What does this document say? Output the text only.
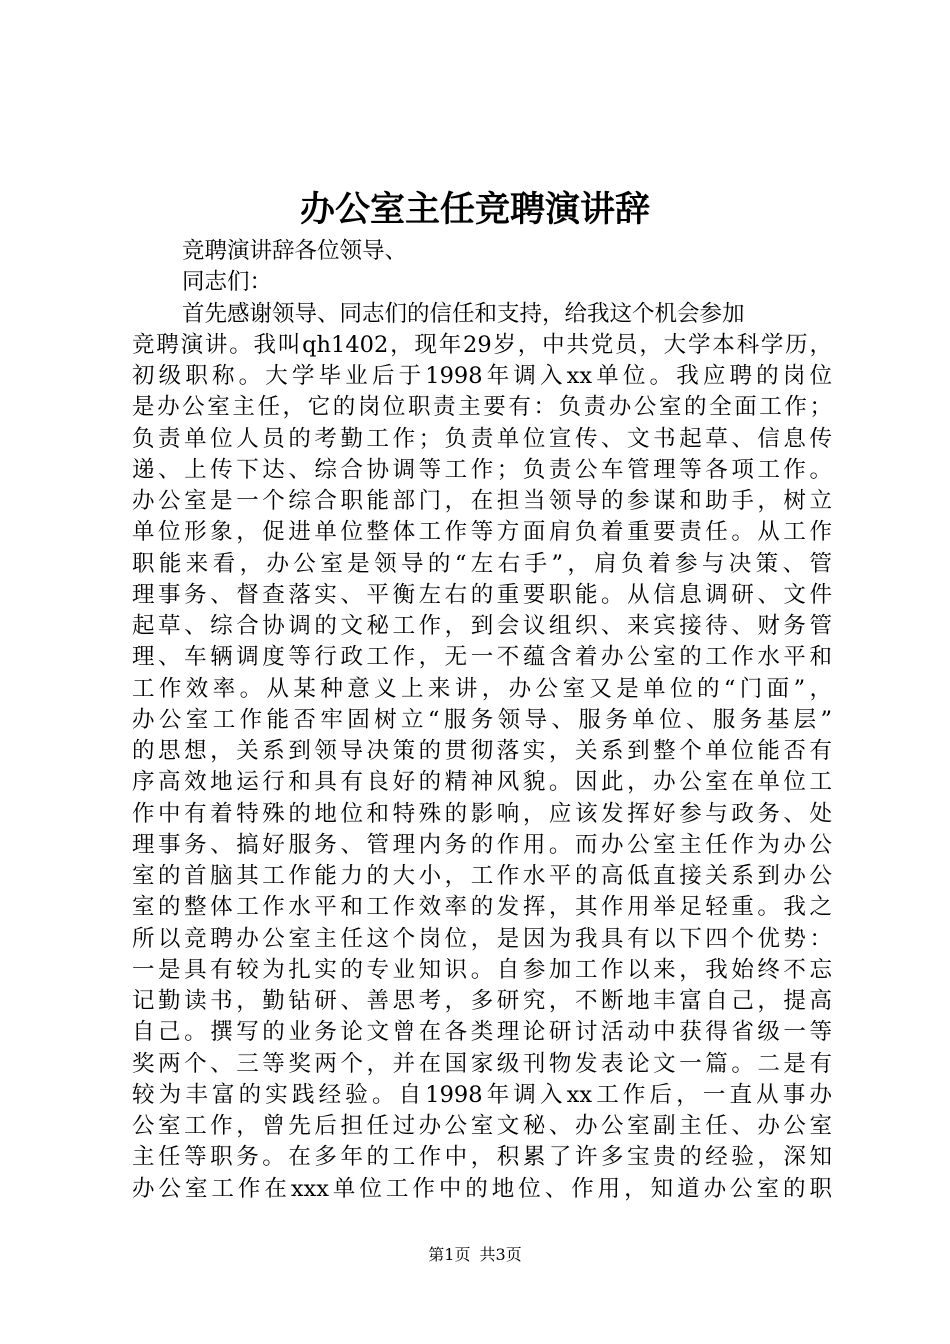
办公室主任竞聘演讲辞
竞聘演讲辞各位领导、
同志们：
首先感谢领导、同志们的信任和支持，给我这个机会参加
竞聘演讲。我叫qh1402，现年29岁，中共党员，大学本科学历，
初级职称。大学毕业后于1998年调入xx单位。我应聘的岗位
是办公室主任，它的岗位职责主要有：负责办公室的全面工作；
负责单位人员的考勤工作；负责单位宣传、文书起草、信息传
递、上传下达、综合协调等工作；负责公车管理等各项工作。
办公室是一个综合职能部门，在担当领导的参谋和助手，树立
单位形象，促进单位整体工作等方面肩负着重要责任。从工作
职能来看，办公室是领导的“左右手”，肩负着参与决策、管
理事务、督查落实、平衡左右的重要职能。从信息调研、文件
起草、综合协调的文秘工作，到会议组织、来宾接待、财务管
理、车辆调度等行政工作，无一不蕴含着办公室的工作水平和
工作效率。从某种意义上来讲，办公室又是单位的“门面”，
办公室工作能否牢固树立“服务领导、服务单位、服务基层”
的思想，关系到领导决策的贯彻落实，关系到整个单位能否有
序高效地运行和具有良好的精神风貌。因此，办公室在单位工
作中有着特殊的地位和特殊的影响，应该发挥好参与政务、处
理事务、搞好服务、管理内务的作用。而办公室主任作为办公
室的首脑其工作能力的大小，工作水平的高低直接关系到办公
室的整体工作水平和工作效率的发挥，其作用举足轻重。我之
所以竞聘办公室主任这个岗位，是因为我具有以下四个优势：
一是具有较为扎实的专业知识。自参加工作以来，我始终不忘
记勤读书，勤钻研、善思考，多研究，不断地丰富自己，提高
自己。撰写的业务论文曾在各类理论研讨活动中获得省级一等
奖两个、三等奖两个，并在国家级刊物发表论文一篇。二是有
较为丰富的实践经验。自1998年调入xx工作后，一直从事办
公室工作，曾先后担任过办公室文秘、办公室副主任、办公室
主任等职务。在多年的工作中，积累了许多宝贵的经验，深知
办公室工作在xxx单位工作中的地位、作用，知道办公室的职
第1页 共3页
